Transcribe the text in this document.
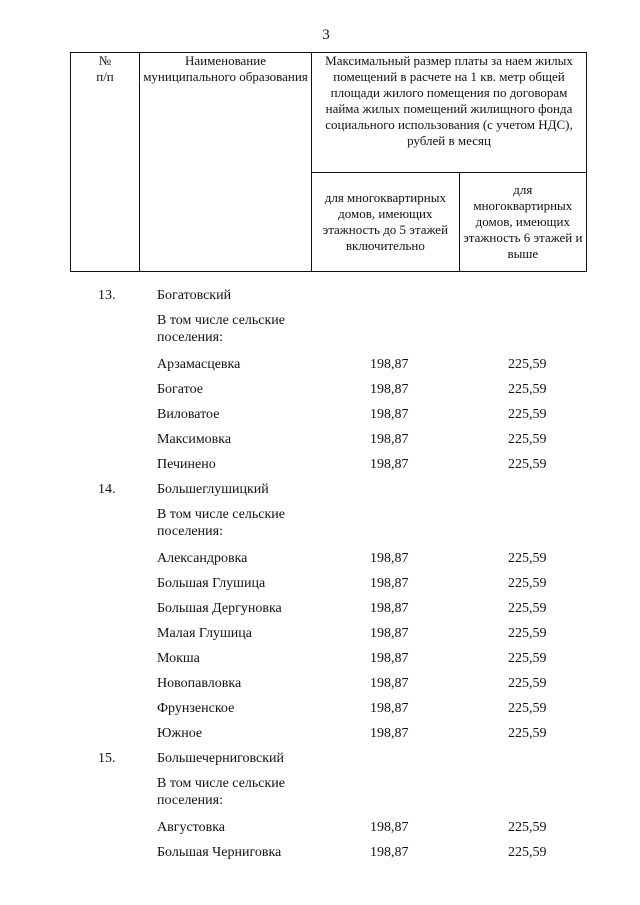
3
№
п/п	Наименование муниципального образования	Максимальный размер платы за наем жилых помещений в расчете на 1 кв. метр общей площади жилого помещения по договорам найма жилых помещений жилищного фонда социального использования (с учетом НДС), рублей в месяц	
		для многоквартирных домов, имеющих этажность до 5 этажей включительно	для многоквартирных домов, имеющих этажность 6 этажей и выше
13.	Богатовский
В том числе сельские поселения:
Арзамасцевка	198,87	225,59
Богатое	198,87	225,59
Виловатое	198,87	225,59
Максимовка	198,87	225,59
Печинено	198,87	225,59
14.	Большеглушицкий
В том числе сельские поселения:
Александровка	198,87	225,59
Большая Глушица	198,87	225,59
Большая Дергуновка	198,87	225,59
Малая Глушица	198,87	225,59
Мокша	198,87	225,59
Новопавловка	198,87	225,59
Фрунзенское	198,87	225,59
Южное	198,87	225,59
15.	Большечерниговский
В том числе сельские поселения:
Августовка	198,87	225,59
Большая Черниговка	198,87	225,59
